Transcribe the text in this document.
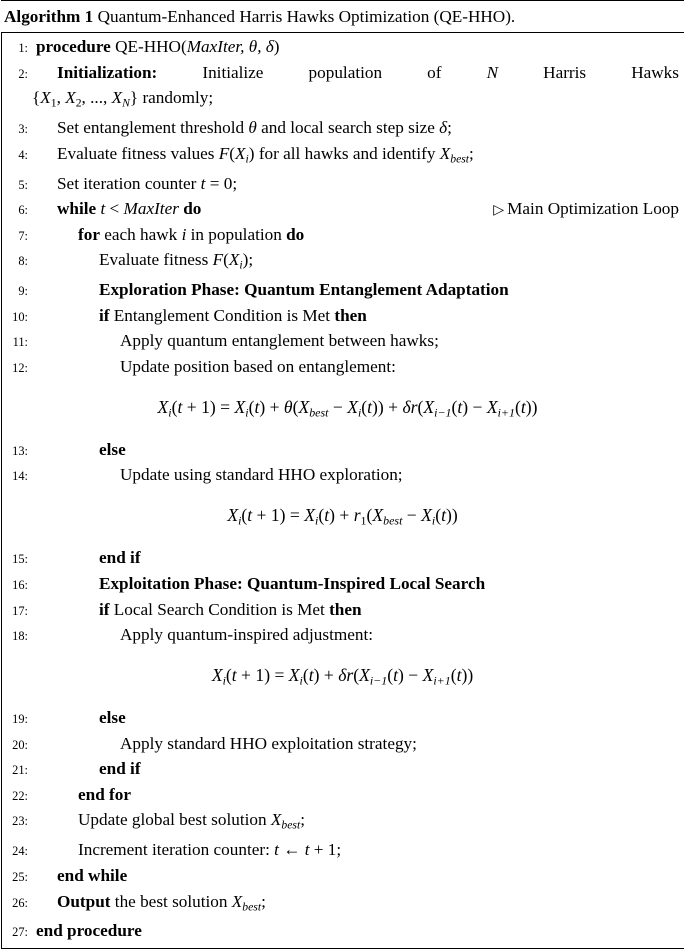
Algorithm 1 Quantum-Enhanced Harris Hawks Optimization (QE-HHO).
1 : procedure QE-HHO(MaxIter, θ, δ)
2 :	Initialization:	Initialize	population	of	N	Harris	Hawks
{X1, X2, ..., $X_N$} randomly;
3 :	Set entanglement threshold θ and local search step size δ;
4 :	Evaluate fitness values $F(X_i)$ for all hawks and identify $X_{best}$;
5 :	Set iteration counter t = 0;
6 :	while t < MaxIter do	▷ Main Optimization Loop
7 :	for each hawk i in population do
8 :	Evaluate fitness $F(X_i)$;
9 :	Exploration Phase: Quantum Entanglement Adaptation
10 :	if Entanglement Condition is Met then
11 :	Apply quantum entanglement between hawks;
12 :	Update position based on entanglement:
$X_i(t + 1) = X_i(t) + \theta(X_{best} - X_i(t)) + \delta r(X_{i-1}(t) - X_{i+1}(t))$
13 :	else
14 :	Update using standard HHO exploration;
$X_i(t + 1) = X_i(t) + r1(X_{best} - X_i(t))$
15 :	end if
16 :	Exploitation Phase: Quantum-Inspired Local Search
17 :	if Local Search Condition is Met then
18 :	Apply quantum-inspired adjustment:
$X_i(t + 1) = X_i(t) + \delta r(X_{i-1}(t) - X_{i+1}(t))$
19 :	else
20 :	Apply standard HHO exploitation strategy;
21 :	end if
22 :	end for
23 :	Update global best solution $X_{best}$;
24 :	Increment iteration counter: t ← t + 1;
25 :	end while
26 :	Output the best solution $X_{best}$;
27 : end procedure
